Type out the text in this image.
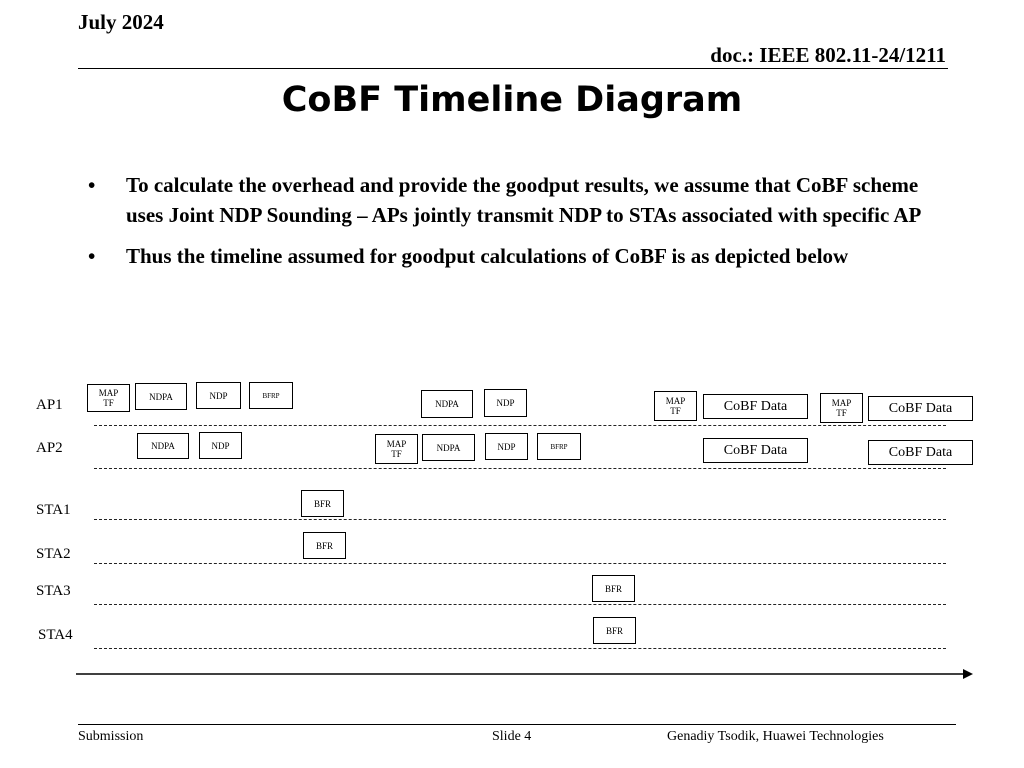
July 2024
doc.: IEEE 802.11-24/1211
CoBF Timeline Diagram
• To calculate the overhead and provide the goodput results, we assume that CoBF scheme uses Joint NDP Sounding – APs jointly transmit NDP to STAs associated with specific AP
• Thus the timeline assumed for goodput calculations of CoBF is as depicted below
AP1
AP2
STA1
STA2
STA3
STA4
MAP
TF
NDPA	NDP	BFRP
NDPA	NDP	MAP
TF	CoBF Data	MAP
TF	CoBF Data
NDPA	NDP	MAP
TF
NDPA	NDP	BFRP	CoBF Data	CoBF Data
BFR
BFR
BFR
BFR
Submission	Slide 4	Genadiy Tsodik, Huawei Technologies
